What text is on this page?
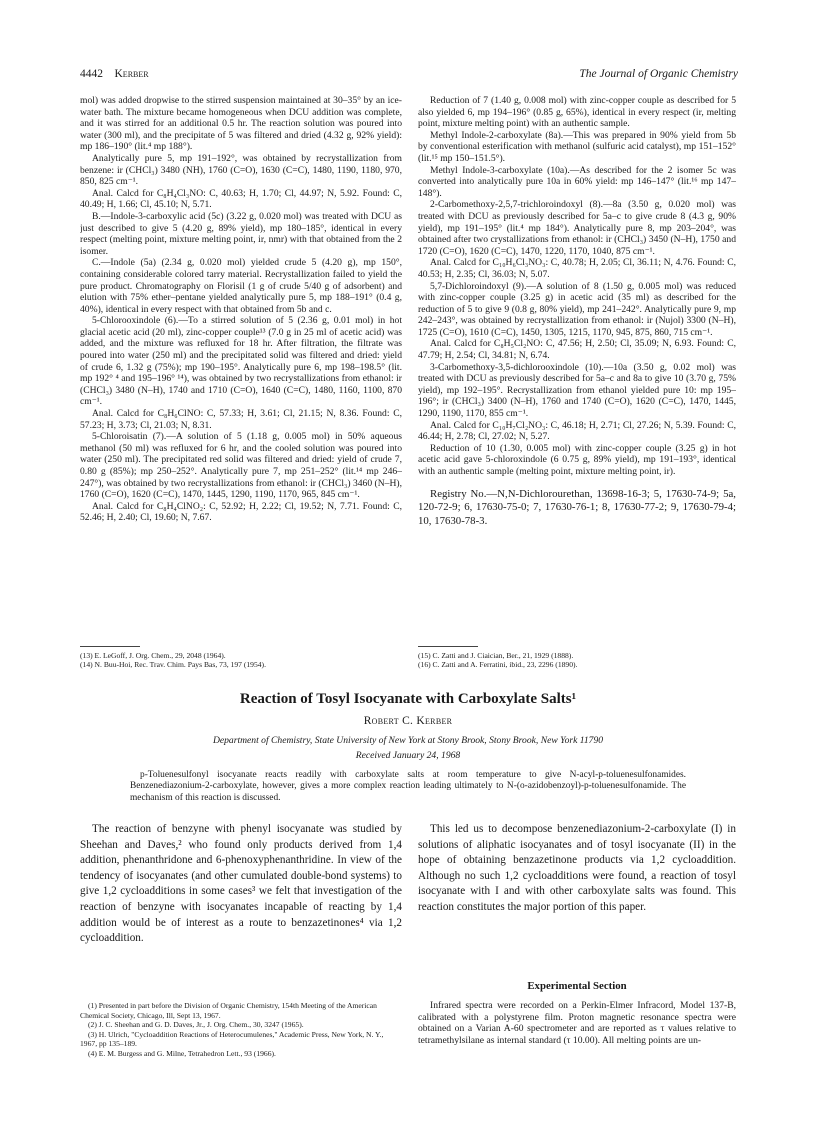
4442 Kerber	The Journal of Organic Chemistry

mol) was added dropwise to the stirred suspension maintained at 30–35° by an ice-water bath. The mixture became homogeneous when DCU addition was complete, and it was stirred for an additional 0.5 hr. The reaction solution was poured into water (300 ml), and the precipitate of 5 was filtered and dried (4.32 g, 92% yield): mp 186–190° (lit.⁴ mp 188°).

Analytically pure 5, mp 191–192°, was obtained by recrystallization from benzene: ir (CHCl₃) 3480 (NH), 1760 (C=O), 1630 (C=C), 1480, 1190, 1180, 970, 850, 825 cm⁻¹.

Anal. Calcd for C₈H₄Cl₃NO: C, 40.63; H, 1.70; Cl, 44.97; N, 5.92. Found: C, 40.49; H, 1.66; Cl, 45.10; N, 5.71.

B.—Indole-3-carboxylic acid (5c) (3.22 g, 0.020 mol) was treated with DCU as just described to give 5 (4.20 g, 89% yield), mp 180–185°, identical in every respect (melting point, mixture melting point, ir, nmr) with that obtained from the 2 isomer.

C.—Indole (5a) (2.34 g, 0.020 mol) yielded crude 5 (4.20 g), mp 150°, containing considerable colored tarry material. Recrystallization failed to yield the pure product. Chromatography on Florisil (1 g of crude 5/40 g of adsorbent) and elution with 75% ether–pentane yielded analytically pure 5, mp 188–191° (0.4 g, 40%), identical in every respect with that obtained from 5b and c.

5-Chlorooxindole (6).—To a stirred solution of 5 (2.36 g, 0.01 mol) in hot glacial acetic acid (20 ml), zinc-copper couple¹³ (7.0 g in 25 ml of acetic acid) was added, and the mixture was refluxed for 18 hr. After filtration, the filtrate was poured into water (250 ml) and the precipitated solid was filtered and dried: yield of crude 6, 1.32 g (75%); mp 190–195°. Analytically pure 6, mp 198–198.5° (lit. mp 192° ⁴ and 195–196° ¹⁴), was obtained by two recrystallizations from ethanol: ir (CHCl₃) 3480 (N–H), 1740 and 1710 (C=O), 1640 (C=C), 1480, 1160, 1100, 870 cm⁻¹.

Anal. Calcd for C₈H₆ClNO: C, 57.33; H, 3.61; Cl, 21.15; N, 8.36. Found: C, 57.23; H, 3.73; Cl, 21.03; N, 8.31.

5-Chloroisatin (7).—A solution of 5 (1.18 g, 0.005 mol) in 50% aqueous methanol (50 ml) was refluxed for 6 hr, and the cooled solution was poured into water (250 ml). The precipitated red solid was filtered and dried: yield of crude 7, 0.80 g (85%); mp 250–252°. Analytically pure 7, mp 251–252° (lit.¹⁴ mp 246–247°), was obtained by two recrystallizations from ethanol: ir (CHCl₃) 3460 (N–H), 1760 (C=O), 1620 (C=C), 1470, 1445, 1290, 1190, 1170, 965, 845 cm⁻¹.

Anal. Calcd for C₈H₄ClNO₂: C, 52.92; H, 2.22; Cl, 19.52; N, 7.71. Found: C, 52.46; H, 2.40; Cl, 19.60; N, 7.67.

Reduction of 7 (1.40 g, 0.008 mol) with zinc-copper couple as described for 5 also yielded 6, mp 194–196° (0.85 g, 65%), identical in every respect (ir, melting point, mixture melting point) with an authentic sample.

Methyl Indole-2-carboxylate (8a).—This was prepared in 90% yield from 5b by conventional esterification with methanol (sulfuric acid catalyst), mp 151–152° (lit.¹⁵ mp 150–151.5°).

Methyl Indole-3-carboxylate (10a).—As described for the 2 isomer 5c was converted into analytically pure 10a in 60% yield: mp 146–147° (lit.¹⁶ mp 147–148°).

2-Carbomethoxy-2,5,7-trichloroindoxyl (8).—8a (3.50 g, 0.020 mol) was treated with DCU as previously described for 5a–c to give crude 8 (4.3 g, 90% yield), mp 191–195° (lit.⁴ mp 184°). Analytically pure 8, mp 203–204°, was obtained after two crystallizations from ethanol: ir (CHCl₃) 3450 (N–H), 1750 and 1720 (C=O), 1620 (C=C), 1470, 1220, 1170, 1040, 875 cm⁻¹.

Anal. Calcd for C₁₀H₆Cl₃NO₃: C, 40.78; H, 2.05; Cl, 36.11; N, 4.76. Found: C, 40.53; H, 2.35; Cl, 36.03; N, 5.07.

5,7-Dichloroindoxyl (9).—A solution of 8 (1.50 g, 0.005 mol) was reduced with zinc-copper couple (3.25 g) in acetic acid (35 ml) as described for the reduction of 5 to give 9 (0.8 g, 80% yield), mp 241–242°. Analytically pure 9, mp 242–243°, was obtained by recrystallization from ethanol: ir (Nujol) 3300 (N–H), 1725 (C=O), 1610 (C=C), 1450, 1305, 1215, 1170, 945, 875, 860, 715 cm⁻¹.

Anal. Calcd for C₈H₅Cl₂NO: C, 47.56; H, 2.50; Cl, 35.09; N, 6.93. Found: C, 47.79; H, 2.54; Cl, 34.81; N, 6.74.

3-Carbomethoxy-3,5-dichlorooxindole (10).—10a (3.50 g, 0.02 mol) was treated with DCU as previously described for 5a–c and 8a to give 10 (3.70 g, 75% yield), mp 192–195°. Recrystallization from ethanol yielded pure 10: mp 195–196°; ir (CHCl₃) 3400 (N–H), 1760 and 1740 (C=O), 1620 (C=C), 1470, 1445, 1290, 1190, 1170, 855 cm⁻¹.

Anal. Calcd for C₁₀H₇Cl₂NO₃: C, 46.18; H, 2.71; Cl, 27.26; N, 5.39. Found: C, 46.44; H, 2.78; Cl, 27.02; N, 5.27.

Reduction of 10 (1.30, 0.005 mol) with zinc-copper couple (3.25 g) in hot acetic acid gave 5-chloroxindole (6 0.75 g, 89% yield), mp 191–193°, identical with an authentic sample (melting point, mixture melting point, ir).

Registry No.—N,N-Dichlorourethan, 13698-16-3; 5, 17630-74-9; 5a, 120-72-9; 6, 17630-75-0; 7, 17630-76-1; 8, 17630-77-2; 9, 17630-79-4; 10, 17630-78-3.

(13) E. LeGoff, J. Org. Chem., 29, 2048 (1964).
(14) N. Buu-Hoi, Rec. Trav. Chim. Pays Bas, 73, 197 (1954).
(15) C. Zatti and J. Ciaician, Ber., 21, 1929 (1888).
(16) C. Zatti and A. Ferratini, ibid., 23, 2296 (1890).

Reaction of Tosyl Isocyanate with Carboxylate Salts¹

Robert C. Kerber
Department of Chemistry, State University of New York at Stony Brook, Stony Brook, New York 11790
Received January 24, 1968
p-Toluenesulfonyl isocyanate reacts readily with carboxylate salts at room temperature to give N-acyl-p-toluenesulfonamides. Benzenediazonium-2-carboxylate, however, gives a more complex reaction leading ultimately to N-(o-azidobenzoyl)-p-toluenesulfonamide. The mechanism of this reaction is discussed.

The reaction of benzyne with phenyl isocyanate was studied by Sheehan and Daves,² who found only products derived from 1,4 addition, phenanthridone and 6-phenoxyphenanthridine. In view of the tendency of isocyanates (and other cumulated double-bond systems) to give 1,2 cycloadditions in some cases³ we felt that investigation of the reaction of benzyne with isocyanates incapable of reacting by 1,4 addition would be of interest as a route to benzazetinones⁴ via 1,2 cycloaddition.

This led us to decompose benzenediazonium-2-carboxylate (I) in solutions of aliphatic isocyanates and of tosyl isocyanate (II) in the hope of obtaining benzazetinone products via 1,2 cycloaddition. Although no such 1,2 cycloadditions were found, a reaction of tosyl isocyanate with I and with other carboxylate salts was found. This reaction constitutes the major portion of this paper.

Experimental Section

Infrared spectra were recorded on a Perkin-Elmer Infracord, Model 137-B, calibrated with a polystyrene film. Proton magnetic resonance spectra were obtained on a Varian A-60 spectrometer and are reported as τ values relative to tetramethylsilane as internal standard (τ 10.00). All melting points are un-

(1) Presented in part before the Division of Organic Chemistry, 154th Meeting of the American Chemical Society, Chicago, Ill, Sept 13, 1967.

(2) J. C. Sheehan and G. D. Daves, Jr., J. Org. Chem., 30, 3247 (1965).

(3) H. Ulrich, "Cycloaddition Reactions of Heterocumulenes," Academic Press, New York, N. Y., 1967, pp 135–189.

(4) E. M. Burgess and G. Milne, Tetrahedron Lett., 93 (1966).
